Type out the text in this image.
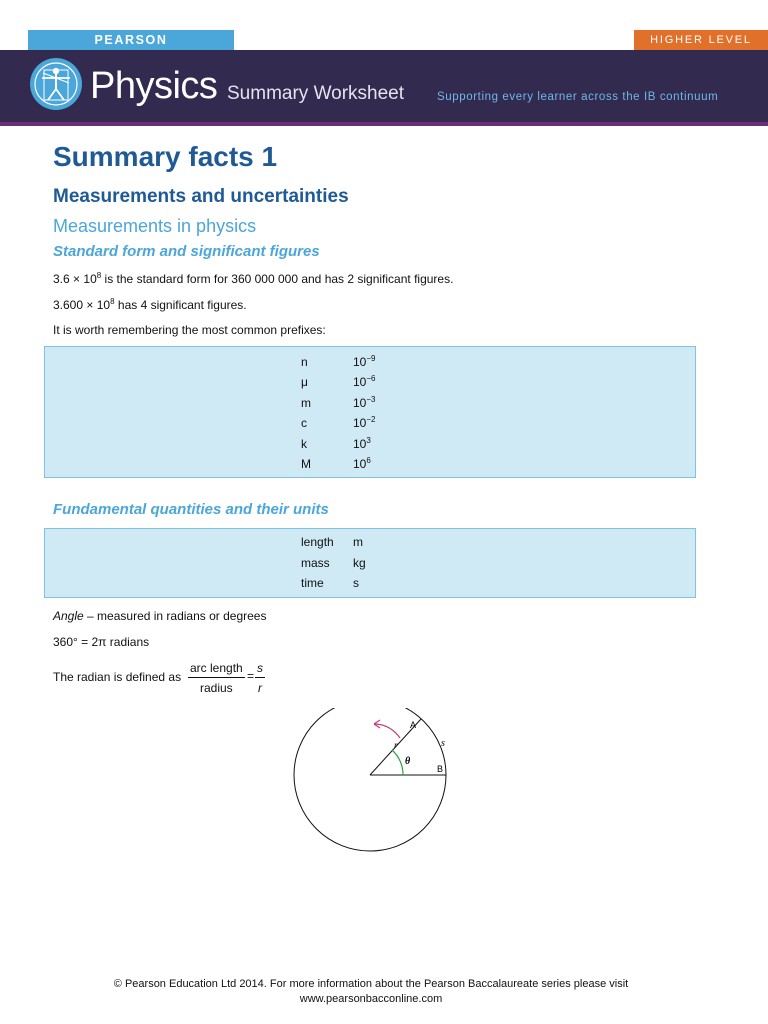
PEARSON	HIGHER LEVEL
Physics Summary Worksheet	Supporting every learner across the IB continuum
Summary facts 1
Measurements and uncertainties
Measurements in physics
Standard form and significant figures
$3.6 \times 10^8$ is the standard form for 360 000 000 and has 2 significant figures.
$3.600 \times 10^8$ has 4 significant figures.
It is worth remembering the most common prefixes:
n	$10^{-9}$
μ	$10^{-6}$
m	$10^{-3}$
c	$10^{-2}$
k	$10^3$
M	$10^6$
Fundamental quantities and their units
length m
mass kg
time s
Angle – measured in radians or degrees
360° = 2π radians
The radian is defined as
arc length
radius
= $\frac{s}{r}$
A
B
r	s
θ
© Pearson Education Ltd 2014. For more information about the Pearson Baccalaureate series please visit
www.pearsonbacconline.com
